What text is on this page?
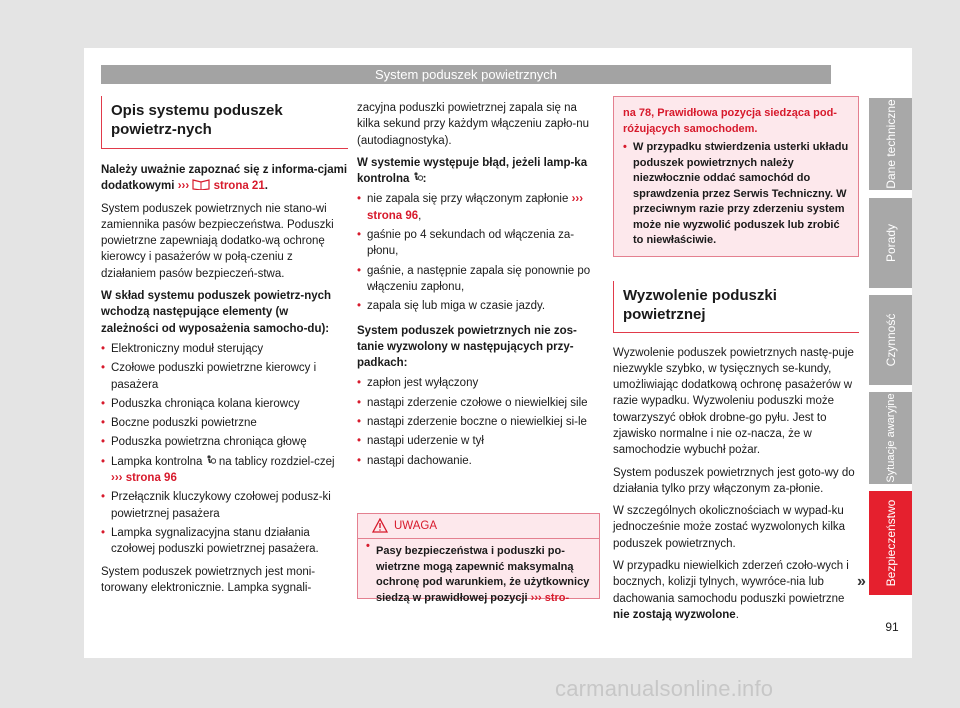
System poduszek powietrznych
Opis systemu poduszek powietrz-nych

Należy uważnie zapoznać się z informa-cjami dodatkowymi ››› strona 21.

System poduszek powietrznych nie stano-wi zamiennika pasów bezpieczeństwa. Poduszki powietrzne zapewniają dodatko-wą ochronę kierowcy i pasażerów w połą-czeniu z działaniem pasów bezpieczeń-stwa.

W skład systemu poduszek powietrz-nych wchodzą następujące elementy (w zależności od wyposażenia samocho-du):

• Elektroniczny moduł sterujący
• Czołowe poduszki powietrzne kierowcy i pasażera
• Poduszka chroniąca kolana kierowcy
• Boczne poduszki powietrzne
• Poduszka powietrzna chroniąca głowę
• Lampka kontrolna na tablicy rozdziel-czej ››› strona 96
• Przełącznik kluczykowy czołowej podusz-ki powietrznej pasażera
• Lampka sygnalizacyjna stanu działania czołowej poduszki powietrznej pasażera.

System poduszek powietrznych jest moni-torowany elektronicznie. Lampka sygnali-

zacyjna poduszki powietrznej zapala się na kilka sekund przy każdym włączeniu zapło-nu (autodiagnostyka).

W systemie występuje błąd, jeżeli lamp-ka kontrolna :

• nie zapala się przy włączonym zapłonie ››› strona 96,
• gaśnie po 4 sekundach od włączenia za-płonu,
• gaśnie, a następnie zapala się ponownie po włączeniu zapłonu,
• zapala się lub miga w czasie jazdy.

System poduszek powietrznych nie zos-tanie wyzwolony w następujących przy-padkach:

• zapłon jest wyłączony
• nastąpi zderzenie czołowe o niewielkiej sile
• nastąpi zderzenie boczne o niewielkiej si-le
• nastąpi uderzenie w tył
• nastąpi dachowanie.
UWAGA
• Pasy bezpieczeństwa i poduszki po-wietrzne mogą zapewnić maksymalną ochronę pod warunkiem, że użytkownicy siedzą w prawidłowej pozycji ››› stro-

na 78, Prawidłowa pozycja siedząca pod-różujących samochodem.

• W przypadku stwierdzenia usterki układu poduszek powietrznych należy niezwłocznie oddać samochód do sprawdzenia przez Serwis Techniczny. W przeciwnym razie przy zderzeniu system może nie wyzwolić poduszek lub zrobić to niewłaściwie.
Wyzwolenie poduszki powietrznej

Wyzwolenie poduszek powietrznych nastę-puje niezwykle szybko, w tysięcznych se-kundy, umożliwiając dodatkową ochronę pasażerów w razie wypadku. Wyzwoleniu poduszki może towarzyszyć obłok drobne-go pyłu. Jest to zjawisko normalne i nie oz-nacza, że w samochodzie wybuchł pożar.

System poduszek powietrznych jest goto-wy do działania tylko przy włączonym za-płonie.

W szczególnych okolicznościach w wypad-ku jednocześnie może zostać wyzwolonych kilka poduszek powietrznych.

W przypadku niewielkich zderzeń czoło-wych i bocznych, kolizji tylnych, wywróce-nia lub dachowania samochodu poduszki powietrzne nie zostają wyzwolone.

»
Dane techniczne
Porady
Czynność
Sytuacje awaryjne
Bezpieczeństwo
91
carmanualsonline.info
